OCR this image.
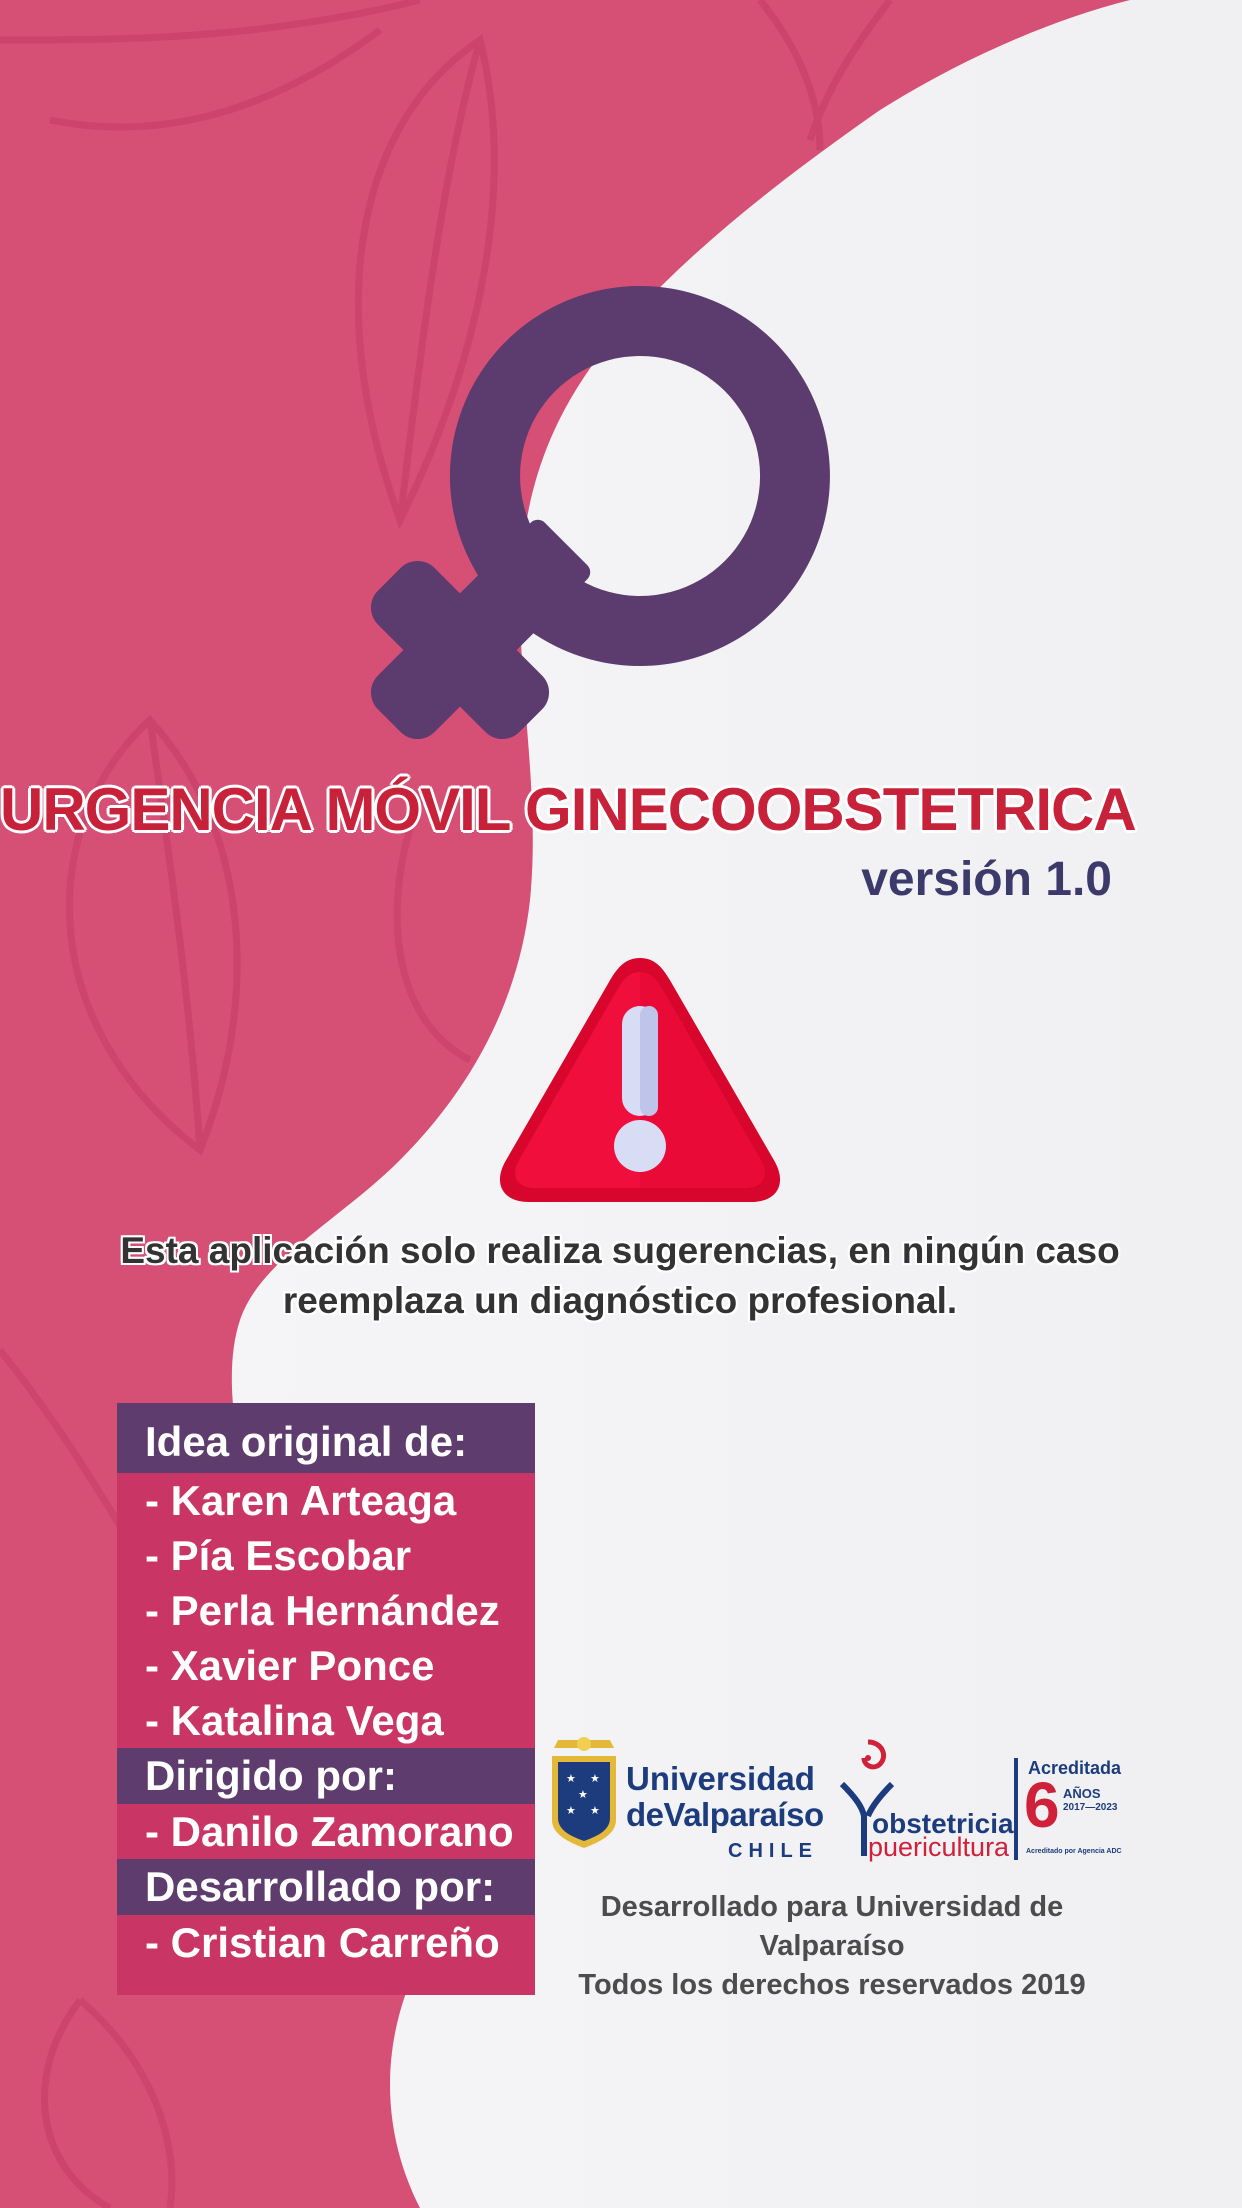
URGENCIA MÓVIL GINECOOBSTETRICA
versión 1.0
Esta aplicación solo realiza sugerencias, en ningún caso
reemplaza un diagnóstico profesional.
Idea original de:
- Karen Arteaga
- Pía Escobar
- Perla Hernández
- Xavier Ponce
- Katalina Vega
Dirigido por:
- Danilo Zamorano
Desarrollado por:
- Cristian Carreño
★ ★
★
★ ★
Universidad
deValparaíso
CHILE
obstetricia
puericultura
Acreditada
6 AÑOS
2017—2023
Acreditado por Agencia ADC
Desarrollado para Universidad de Valparaíso
Todos los derechos reservados 2019
